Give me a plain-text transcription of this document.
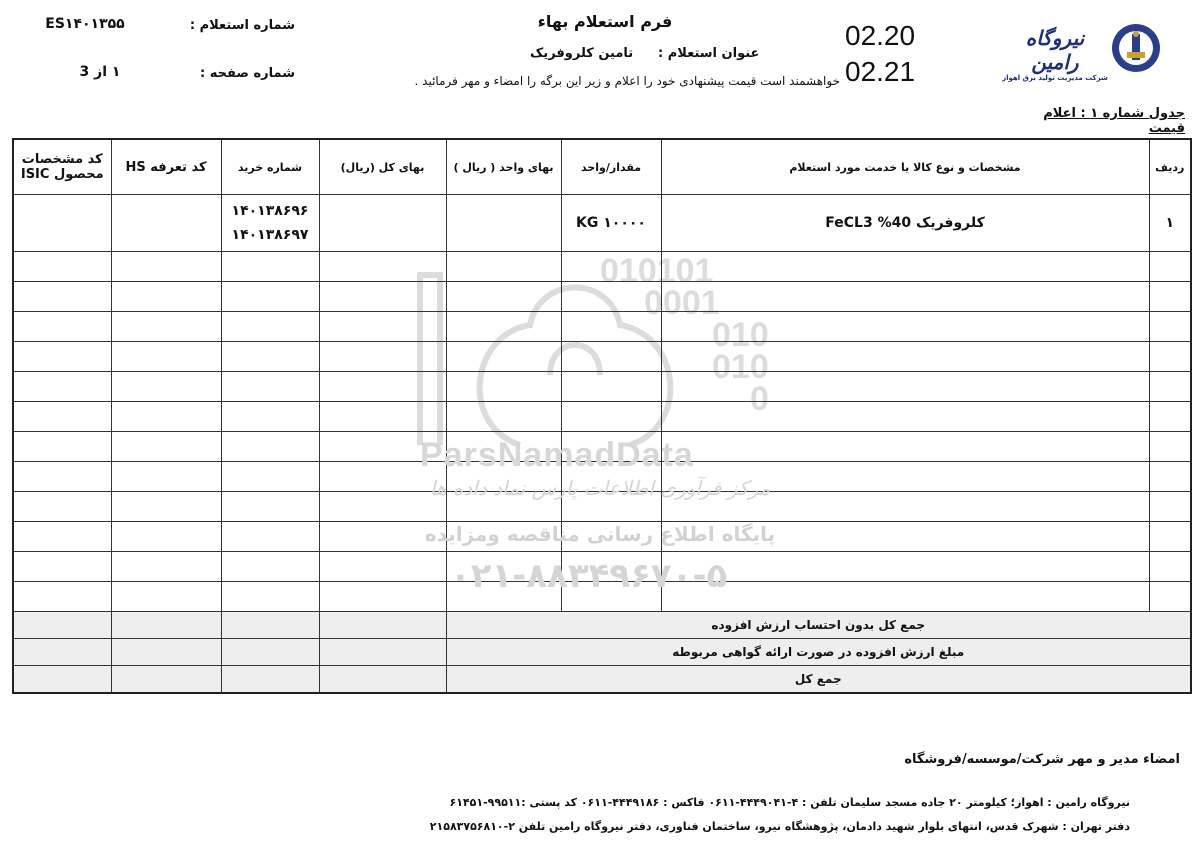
010101
0001
010
010
0
فرم استعلام بهاء
عنوان استعلام :
تامین کلروفریک
خواهشمند است قیمت پیشنهادی خود را اعلام و زیر این برگه را امضاء و مهر فرمائید .
شماره استعلام :
ES۱۴۰۱۳۵۵
شماره صفحه :
۱ از 3
02.20
02.21
نیروگاه رامین
شرکت مدیریت تولید برق اهواز
جدول شماره ۱ : اعلام قیمت
ردیف	مشخصات و نوع کالا یا خدمت مورد استعلام	مقدار/واحد	بهای واحد ( ریال )	بهای کل (ریال)	شماره خرید	کد تعرفه HS	کد مشخصات محصول ISIC
۱	کلروفریک 40% FeCL3	۱۰۰۰۰ KG			۱۴۰۱۳۸۶۹۶
۱۴۰۱۳۸۶۹۷		

جمع کل بدون احتساب ارزش افزوده							
مبلغ ارزش افزوده در صورت ارائه گواهی مربوطه							
جمع کل							
ParsNamadData
مرکز فرآوری اطلاعات پارس نماد داده ها
پایگاه اطلاع رسانی مناقصه ومزایده
۰۲۱-۸۸۳۴۹۶۷۰-۵
امضاء مدیر و مهر شرکت/موسسه/فروشگاه
نیروگاه رامین : اهواز؛ کیلومتر ۲۰ جاده مسجد سلیمان تلفن : ۴-۴۴۴۹۰۴۱-۰۶۱۱ فاکس : ۴۴۴۹۱۸۶-۰۶۱۱ کد پستی :۹۹۵۱۱-۶۱۴۵۱
دفتر تهران : شهرک قدس، انتهای بلوار شهید دادمان، پژوهشگاه نیرو، ساختمان فناوری، دفتر نیروگاه رامین تلفن ۲-۲۱۵۸۳۷۵۶۸۱۰
